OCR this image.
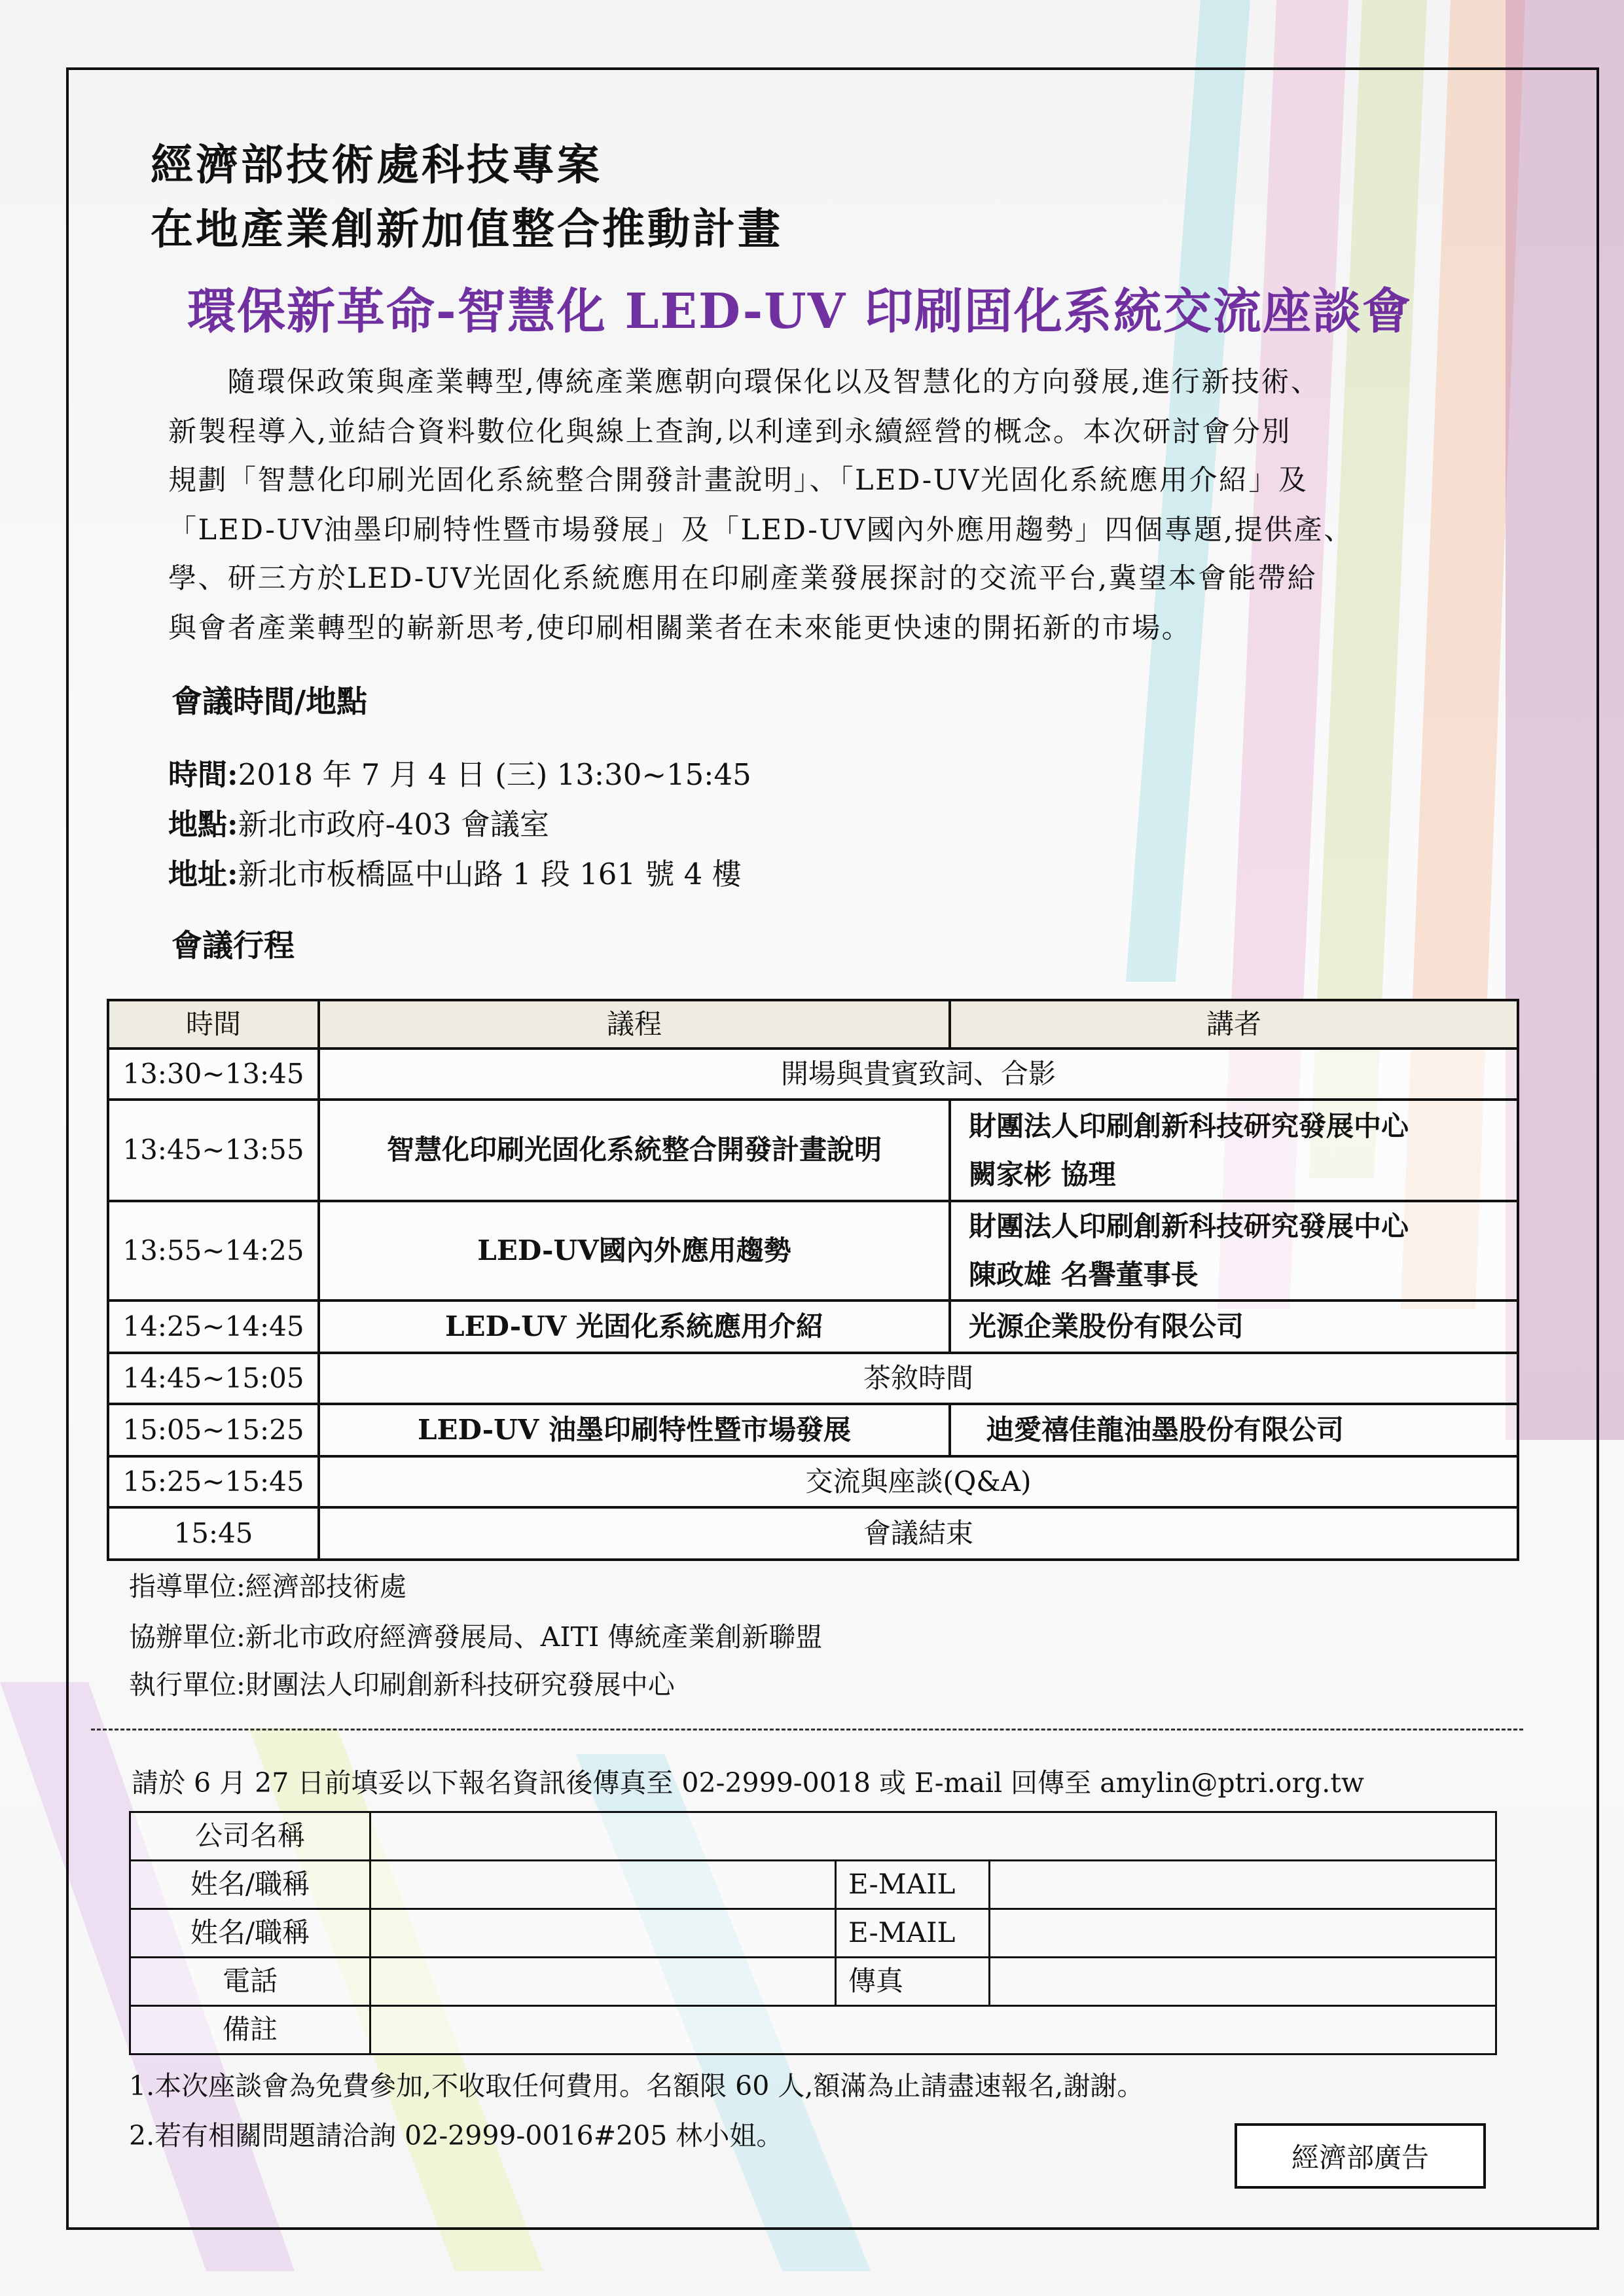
經濟部技術處科技專案
在地產業創新加值整合推動計畫
環保新革命-智慧化 LED-UV 印刷固化系統交流座談會
隨環保政策與產業轉型,傳統產業應朝向環保化以及智慧化的方向發展,進行新技術、
新製程導入,並結合資料數位化與線上查詢,以利達到永續經營的概念。本次研討會分別
規劃「智慧化印刷光固化系統整合開發計畫說明」、「LED-UV光固化系統應用介紹」及
「LED-UV油墨印刷特性暨市場發展」及「LED-UV國內外應用趨勢」四個專題,提供產、
學、研三方於LED-UV光固化系統應用在印刷產業發展探討的交流平台,冀望本會能帶給
與會者產業轉型的嶄新思考,使印刷相關業者在未來能更快速的開拓新的市場。
會議時間/地點
時間:2018 年 7 月 4 日 (三) 13:30~15:45
地點:新北市政府-403 會議室
地址:新北市板橋區中山路 1 段 161 號 4 樓
會議行程
時間	議程	講者
13:30~13:45	開場與貴賓致詞、合影	
13:45~13:55	智慧化印刷光固化系統整合開發計畫說明	財團法人印刷創新科技研究發展中心
闕家彬 協理

13:55~14:25	LED-UV國內外應用趨勢	財團法人印刷創新科技研究發展中心
陳政雄 名譽董事長

14:25~14:45	LED-UV 光固化系統應用介紹	光源企業股份有限公司
14:45~15:05	茶敘時間	
15:05~15:25	LED-UV 油墨印刷特性暨市場發展	迪愛禧佳龍油墨股份有限公司
15:25~15:45	交流與座談(Q&A)	
15:45	會議結束	
指導單位:經濟部技術處
協辦單位:新北市政府經濟發展局、AITI 傳統產業創新聯盟
執行單位:財團法人印刷創新科技研究發展中心
請於 6 月 27 日前填妥以下報名資訊後傳真至 02-2999-0018 或 E-mail 回傳至 amylin@ptri.org.tw
公司名稱			
姓名/職稱		E-MAIL	
姓名/職稱		E-MAIL	
電話		傳真	
備註			
1.本次座談會為免費參加,不收取任何費用。名額限 60 人,額滿為止請盡速報名,謝謝。
2.若有相關問題請洽詢 02-2999-0016#205 林小姐。
經濟部廣告
